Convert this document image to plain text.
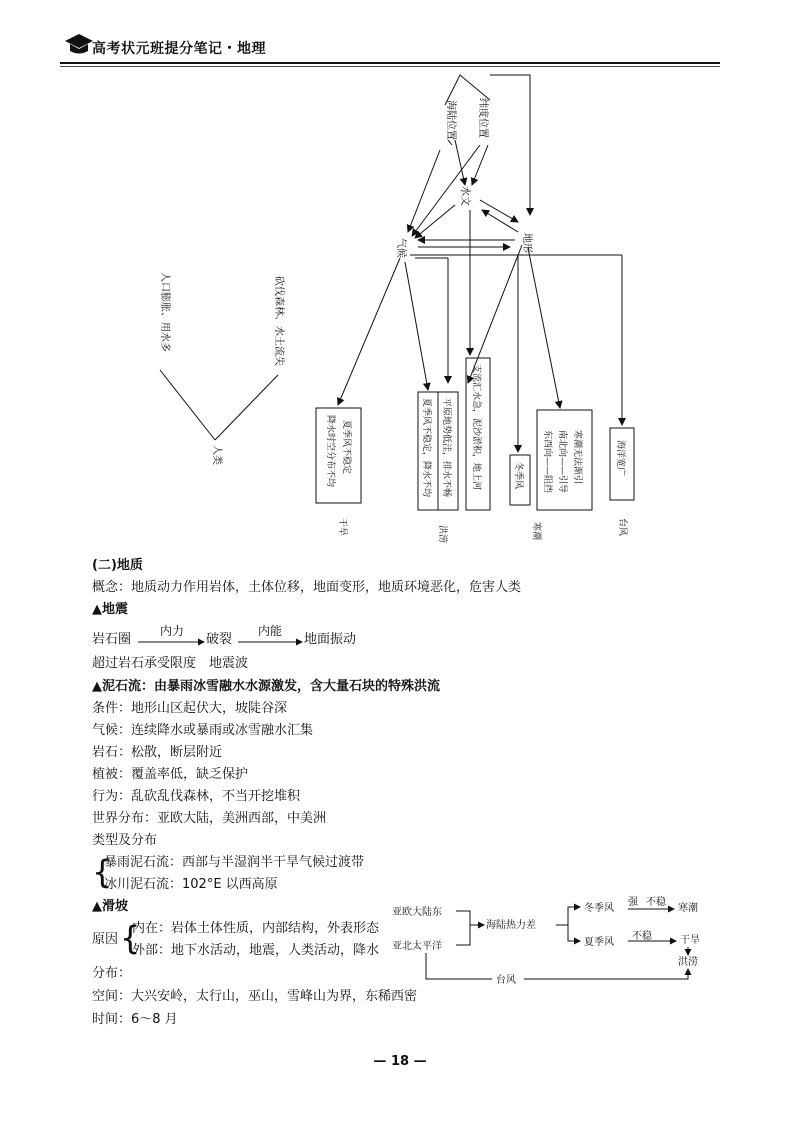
高考状元班提分笔记・地理
海陆位置 纬度位置
水文
气候	地形
人类
人口膨胀、用水多	砍伐森林、水土流失
降水时空分布不均 夏季风不稳定	夏季风不稳定，降水不均 平原地势低洼，排水不畅 支流汇水急，泥沙淤积，地上河	冬季风 东西向——阻挡 南北向——引导 寒潮无法渐引	海洋宽广
干旱	洪涝	寒潮	台风
(二)地质
概念：地质动力作用岩体，土体位移，地面变形，地质环境恶化，危害人类
▲地震
岩石圈
内力
破裂
内能
地面振动
超过岩石承受限度　地震波
▲泥石流：由暴雨冰雪融水水源激发，含大量石块的特殊洪流
条件：地形山区起伏大，坡陡谷深
气候：连续降水或暴雨或冰雪融水汇集
岩石：松散，断层附近
植被：覆盖率低，缺乏保护
行为：乱砍乱伐森林，不当开挖堆积
世界分布：亚欧大陆，美洲西部，中美洲
类型及分布
{
暴雨泥石流：西部与半湿润半干旱气候过渡带
冰川泥石流：102°E 以西高原
▲滑坡
原因 {
内在：岩体土体性质，内部结构，外表形态
外部：地下水活动，地震，人类活动，降水
分布：
空间：大兴安岭，太行山，巫山，雪峰山为界，东稀西密
时间：6～8 月
亚欧大陆东
亚北太平洋
海陆热力差
冬季风
夏季风
强 不稳
寒潮
不稳	干旱
洪涝
台风
— 18 —
